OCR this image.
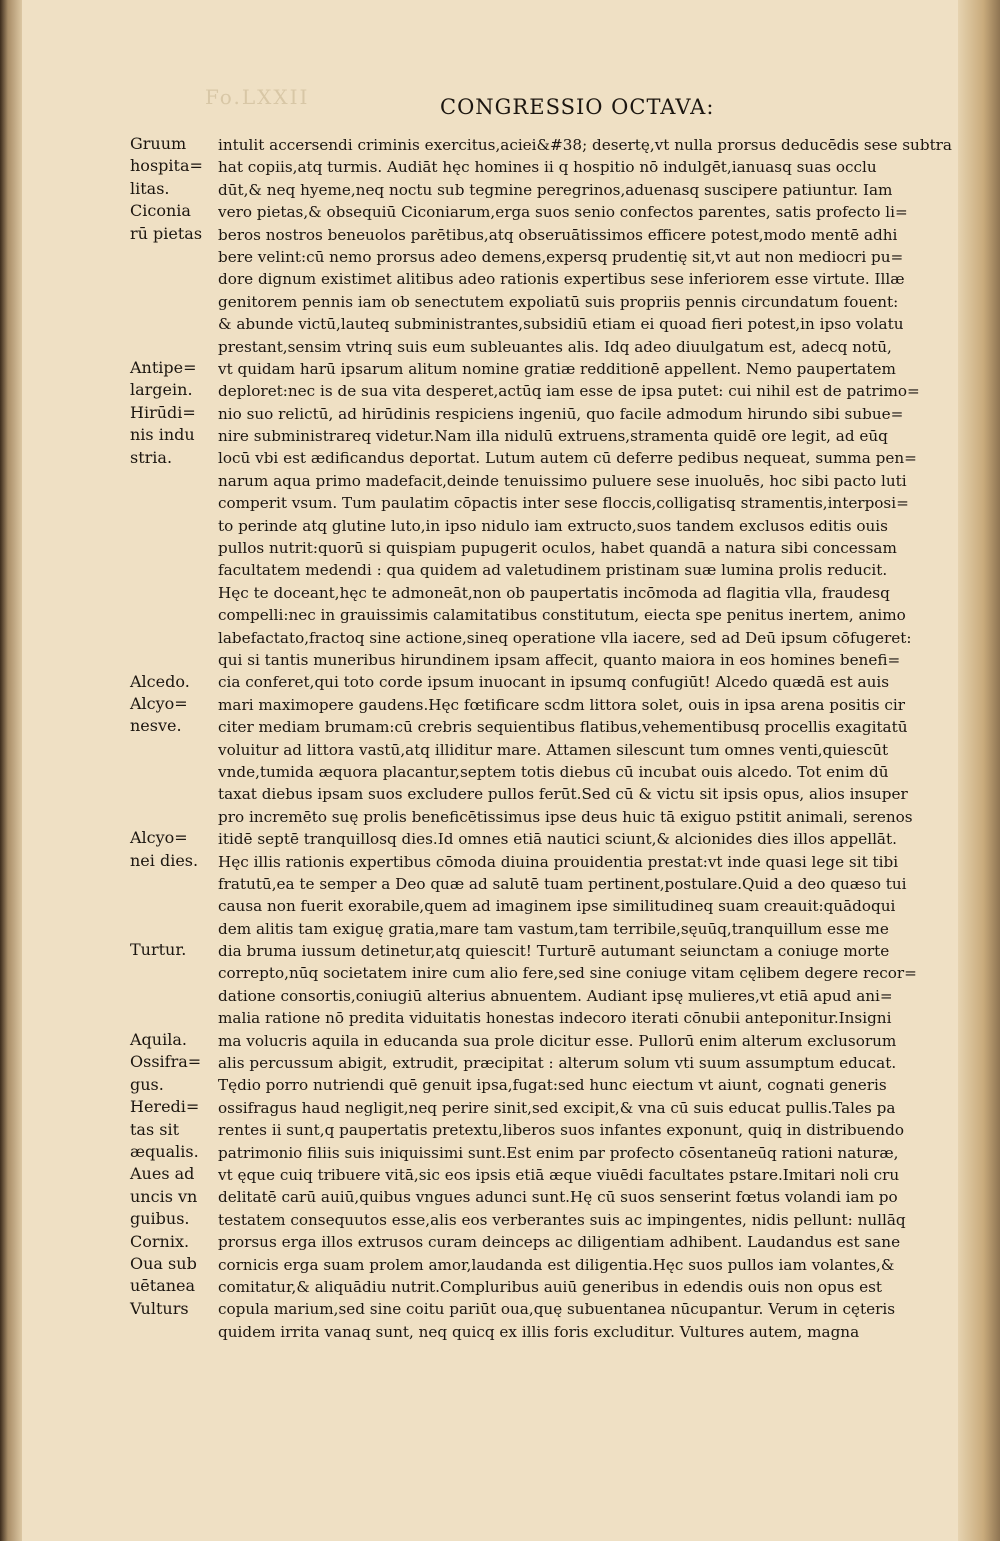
Fo.LXXII	CONGRESSIO OCTAVA:
Gruum
hospita=
litas.
Ciconia
rū pietas
Antipe=
largein.
Hirūdi=
nis indu
stria.
Alcedo.
Alcyo=
nesve.
Alcyo=
nei dies.
Turtur.
Aquila.
Ossifra=
gus.
Heredi=
tas sit
æqualis.
Aues ad
uncis vn
guibus.
Cornix.
Oua sub
uētanea
Vulturs
intulit accersendi criminis exercitus,aciei&#38; desertę,vt nulla prorsus deducēdis sese subtra
hat copiis,atq turmis. Audiāt hęc homines ii q hospitio nō indulgēt,ianuasq suas occlu
dūt,& neq hyeme,neq noctu sub tegmine peregrinos,aduenasq suscipere patiuntur. Iam
vero pietas,& obsequiū Ciconiarum,erga suos senio confectos parentes, satis profecto li=
beros nostros beneuolos parētibus,atq obseruātissimos efficere potest,modo mentē adhi
bere velint:cū nemo prorsus adeo demens,expersq prudentię sit,vt aut non mediocri pu=
dore dignum existimet alitibus adeo rationis expertibus sese inferiorem esse virtute. Illæ
genitorem pennis iam ob senectutem expoliatū suis propriis pennis circundatum fouent:
& abunde victū,lauteq subministrantes,subsidiū etiam ei quoad fieri potest,in ipso volatu
prestant,sensim vtrinq suis eum subleuantes alis. Idq adeo diuulgatum est, adecq notū,
vt quidam harū ipsarum alitum nomine gratiæ redditionē appellent. Nemo paupertatem
deploret:nec is de sua vita desperet,actūq iam esse de ipsa putet: cui nihil est de patrimo=
nio suo relictū, ad hirūdinis respiciens ingeniū, quo facile admodum hirundo sibi subue=
nire subministrareq videtur.Nam illa nidulū extruens,stramenta quidē ore legit, ad eūq
locū vbi est ædificandus deportat. Lutum autem cū deferre pedibus nequeat, summa pen=
narum aqua primo madefacit,deinde tenuissimo puluere sese inuoluēs, hoc sibi pacto luti
comperit vsum. Tum paulatim cōpactis inter sese floccis,colligatisq stramentis,interposi=
to perinde atq glutine luto,in ipso nidulo iam extructo,suos tandem exclusos editis ouis
pullos nutrit:quorū si quispiam pupugerit oculos, habet quandā a natura sibi concessam
facultatem medendi : qua quidem ad valetudinem pristinam suæ lumina prolis reducit.
Hęc te doceant,hęc te admoneāt,non ob paupertatis incōmoda ad flagitia vlla, fraudesq
compelli:nec in grauissimis calamitatibus constitutum, eiecta spe penitus inertem, animo
labefactato,fractoq sine actione,sineq operatione vlla iacere, sed ad Deū ipsum cōfugeret:
qui si tantis muneribus hirundinem ipsam affecit, quanto maiora in eos homines benefi=
cia conferet,qui toto corde ipsum inuocant in ipsumq confugiūt! Alcedo quædā est auis
mari maximopere gaudens.Hęc fœtificare scdm littora solet, ouis in ipsa arena positis cir
citer mediam brumam:cū crebris sequientibus flatibus,vehementibusq procellis exagitatū
voluitur ad littora vastū,atq illiditur mare. Attamen silescunt tum omnes venti,quiescūt
vnde,tumida æquora placantur,septem totis diebus cū incubat ouis alcedo. Tot enim dū
taxat diebus ipsam suos excludere pullos ferūt.Sed cū & victu sit ipsis opus, alios insuper
pro incremēto suę prolis beneficētissimus ipse deus huic tā exiguo pstitit animali, serenos
itidē septē tranquillosq dies.Id omnes etiā nautici sciunt,& alcionides dies illos appellāt.
Hęc illis rationis expertibus cōmoda diuina prouidentia prestat:vt inde quasi lege sit tibi
fratutū,ea te semper a Deo quæ ad salutē tuam pertinent,postulare.Quid a deo quæso tui
causa non fuerit exorabile,quem ad imaginem ipse similitudineq suam creauit:quādoqui
dem alitis tam exiguę gratia,mare tam vastum,tam terribile,sęuūq,tranquillum esse me
dia bruma iussum detinetur,atq quiescit! Turturē autumant seiunctam a coniuge morte
correpto,nūq societatem inire cum alio fere,sed sine coniuge vitam cęlibem degere recor=
datione consortis,coniugiū alterius abnuentem. Audiant ipsę mulieres,vt etiā apud ani=
malia ratione nō predita viduitatis honestas indecoro iterati cōnubii anteponitur.Insigni
ma volucris aquila in educanda sua prole dicitur esse. Pullorū enim alterum exclusorum
alis percussum abigit, extrudit, præcipitat : alterum solum vti suum assumptum educat.
Tędio porro nutriendi quē genuit ipsa,fugat:sed hunc eiectum vt aiunt, cognati generis
ossifragus haud negligit,neq perire sinit,sed excipit,& vna cū suis educat pullis.Tales pa
rentes ii sunt,q paupertatis pretextu,liberos suos infantes exponunt, quiq in distribuendo
patrimonio filiis suis iniquissimi sunt.Est enim par profecto cōsentaneūq rationi naturæ,
vt ęque cuiq tribuere vitā,sic eos ipsis etiā æque viuēdi facultates pstare.Imitari noli cru
delitatē carū auiū,quibus vngues adunci sunt.Hę cū suos senserint fœtus volandi iam po
testatem consequutos esse,alis eos verberantes suis ac impingentes, nidis pellunt: nullāq
prorsus erga illos extrusos curam deinceps ac diligentiam adhibent. Laudandus est sane
cornicis erga suam prolem amor,laudanda est diligentia.Hęc suos pullos iam volantes,&
comitatur,& aliquādiu nutrit.Compluribus auiū generibus in edendis ouis non opus est
copula marium,sed sine coitu pariūt oua,quę subuentanea nūcupantur. Verum in cęteris
quidem irrita vanaq sunt, neq quicq ex illis foris excluditur. Vultures autem, magna
